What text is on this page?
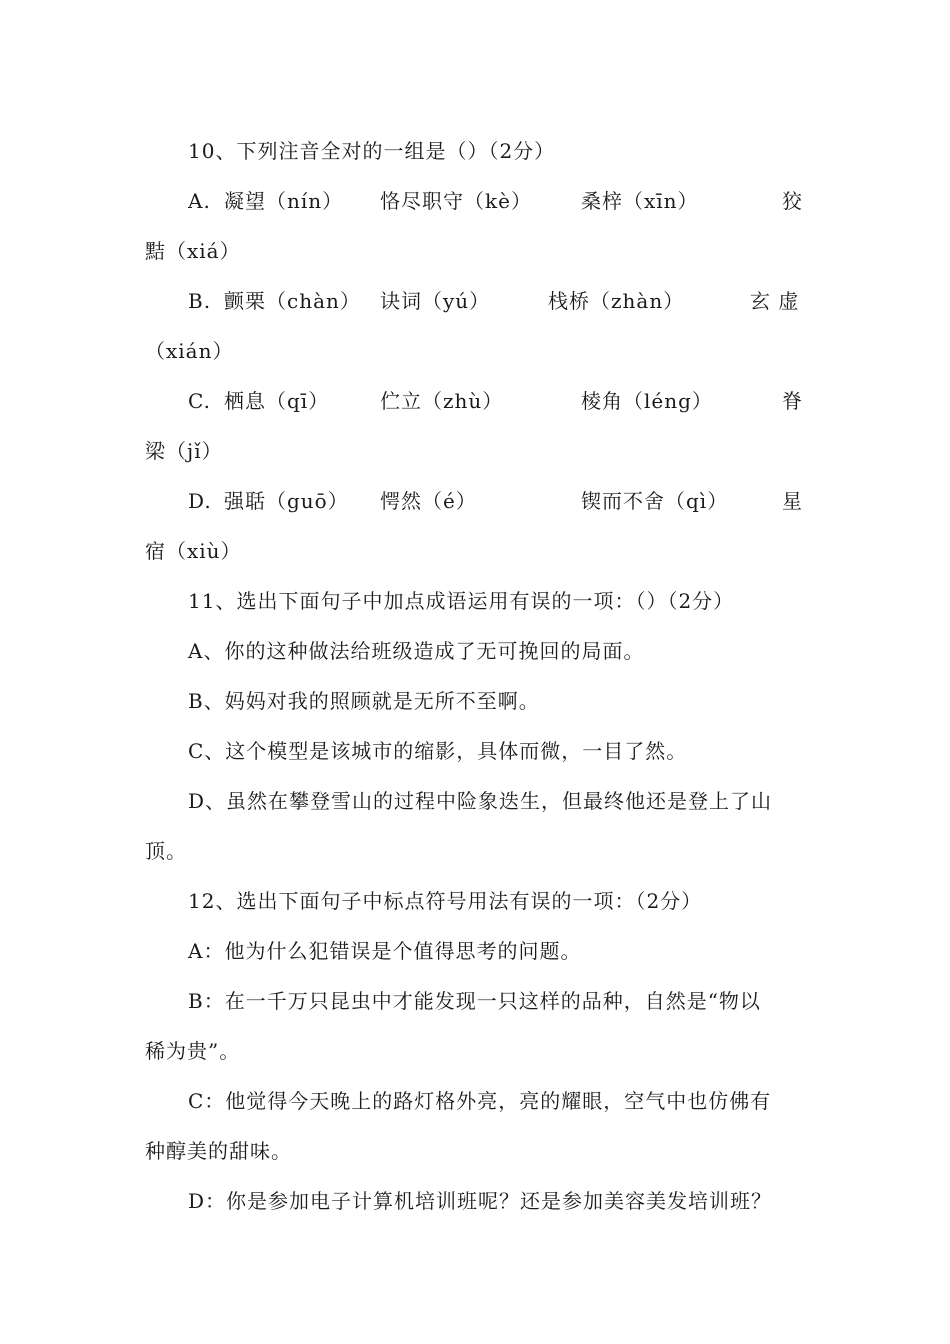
10、下列注音全对的一组是（）（2分）
A. 凝望（nín） 恪尽职守（kè） 桑梓（xīn）	狡
黠（xiá）
B. 颤栗（chàn） 诀词（yú）	栈桥（zhàn）	玄 虚
（xián）
C. 栖息（qī）	伫立（zhù）	棱角（léng）	脊
梁（jǐ）
D. 强聒（guō） 愕然（é）	锲而不舍（qì）	星
宿（xiù）
11、选出下面句子中加点成语运用有误的一项：（）（2分）
A、你的这种做法给班级造成了无可挽回的局面。
B、妈妈对我的照顾就是无所不至啊。
C、这个模型是该城市的缩影，具体而微，一目了然。
D、虽然在攀登雪山的过程中险象迭生，但最终他还是登上了山
顶。
12、选出下面句子中标点符号用法有误的一项：（2分）
A：他为什么犯错误是个值得思考的问题。
B：在一千万只昆虫中才能发现一只这样的品种，自然是“物以
稀为贵”。
C：他觉得今天晚上的路灯格外亮，亮的耀眼，空气中也仿佛有
种醇美的甜味。
D：你是参加电子计算机培训班呢？还是参加美容美发培训班？
